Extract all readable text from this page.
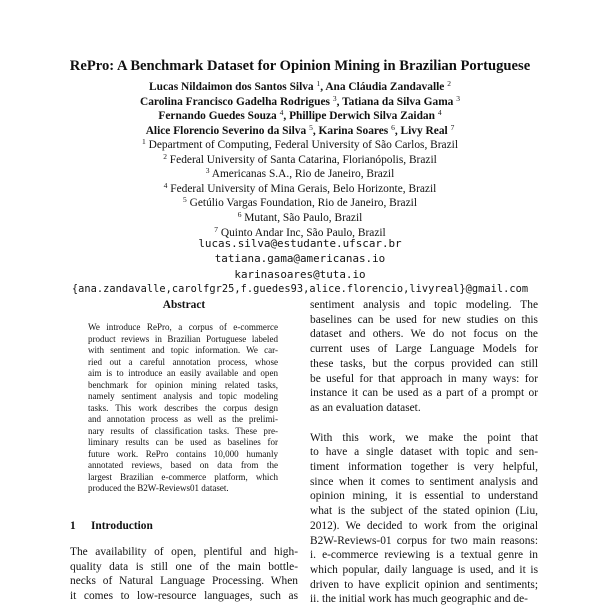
RePro: A Benchmark Dataset for Opinion Mining in Brazilian Portuguese
Lucas Nildaimon dos Santos Silva $^1$, Ana Cláudia Zandavalle $^2$
Carolina Francisco Gadelha Rodrigues $^3$, Tatiana da Silva Gama $^3$
Fernando Guedes Souza $^4$, Phillipe Derwich Silva Zaidan $^4$
Alice Florencio Severino da Silva $^5$, Karina Soares $^6$, Livy Real $^7$
$^1$ Department of Computing, Federal University of São Carlos, Brazil
$^2$ Federal University of Santa Catarina, Florianópolis, Brazil
$^3$ Americanas S.A., Rio de Janeiro, Brazil
$^4$ Federal University of Mina Gerais, Belo Horizonte, Brazil
$^5$ Getúlio Vargas Foundation, Rio de Janeiro, Brazil
$^6$ Mutant, São Paulo, Brazil
$^7$ Quinto Andar Inc, São Paulo, Brazil
lucas.silva@estudante.ufscar.br
tatiana.gama@americanas.io
karinasoares@tuta.io
{ana.zandavalle,carolfgr25,f.guedes93,alice.florencio,livyreal}@gmail.com
Abstract
We introduce RePro, a corpus of e-commerce
product reviews in Brazilian Portuguese labeled
with sentiment and topic information. We car-
ried out a careful annotation process, whose
aim is to introduce an easily available and open
benchmark for opinion mining related tasks,
namely sentiment analysis and topic modeling
tasks. This work describes the corpus design
and annotation process as well as the prelimi-
nary results of classification tasks. These pre-
liminary results can be used as baselines for
future work. RePro contains 10,000 humanly
annotated reviews, based on data from the
largest Brazilian e-commerce platform, which
produced the B2W-Reviews01 dataset.
1 Introduction
The availability of open, plentiful and high-
quality data is still one of the main bottle-
necks of Natural Language Processing. When
it comes to low-resource languages, such as
sentiment analysis and topic modeling. The
baselines can be used for new studies on this
dataset and others. We do not focus on the
current uses of Large Language Models for
these tasks, but the corpus provided can still
be useful for that approach in many ways: for
instance it can be used as a part of a prompt or
as an evaluation dataset.
With this work, we make the point that
to have a single dataset with topic and sen-
timent information together is very helpful,
since when it comes to sentiment analysis and
opinion mining, it is essential to understand
what is the subject of the stated opinion (Liu,
2012). We decided to work from the original
B2W-Reviews-01 corpus for two main reasons:
i. e-commerce reviewing is a textual genre in
which popular, daily language is used, and it is
driven to have explicit opinion and sentiments;
ii. the initial work has much geographic and de-
